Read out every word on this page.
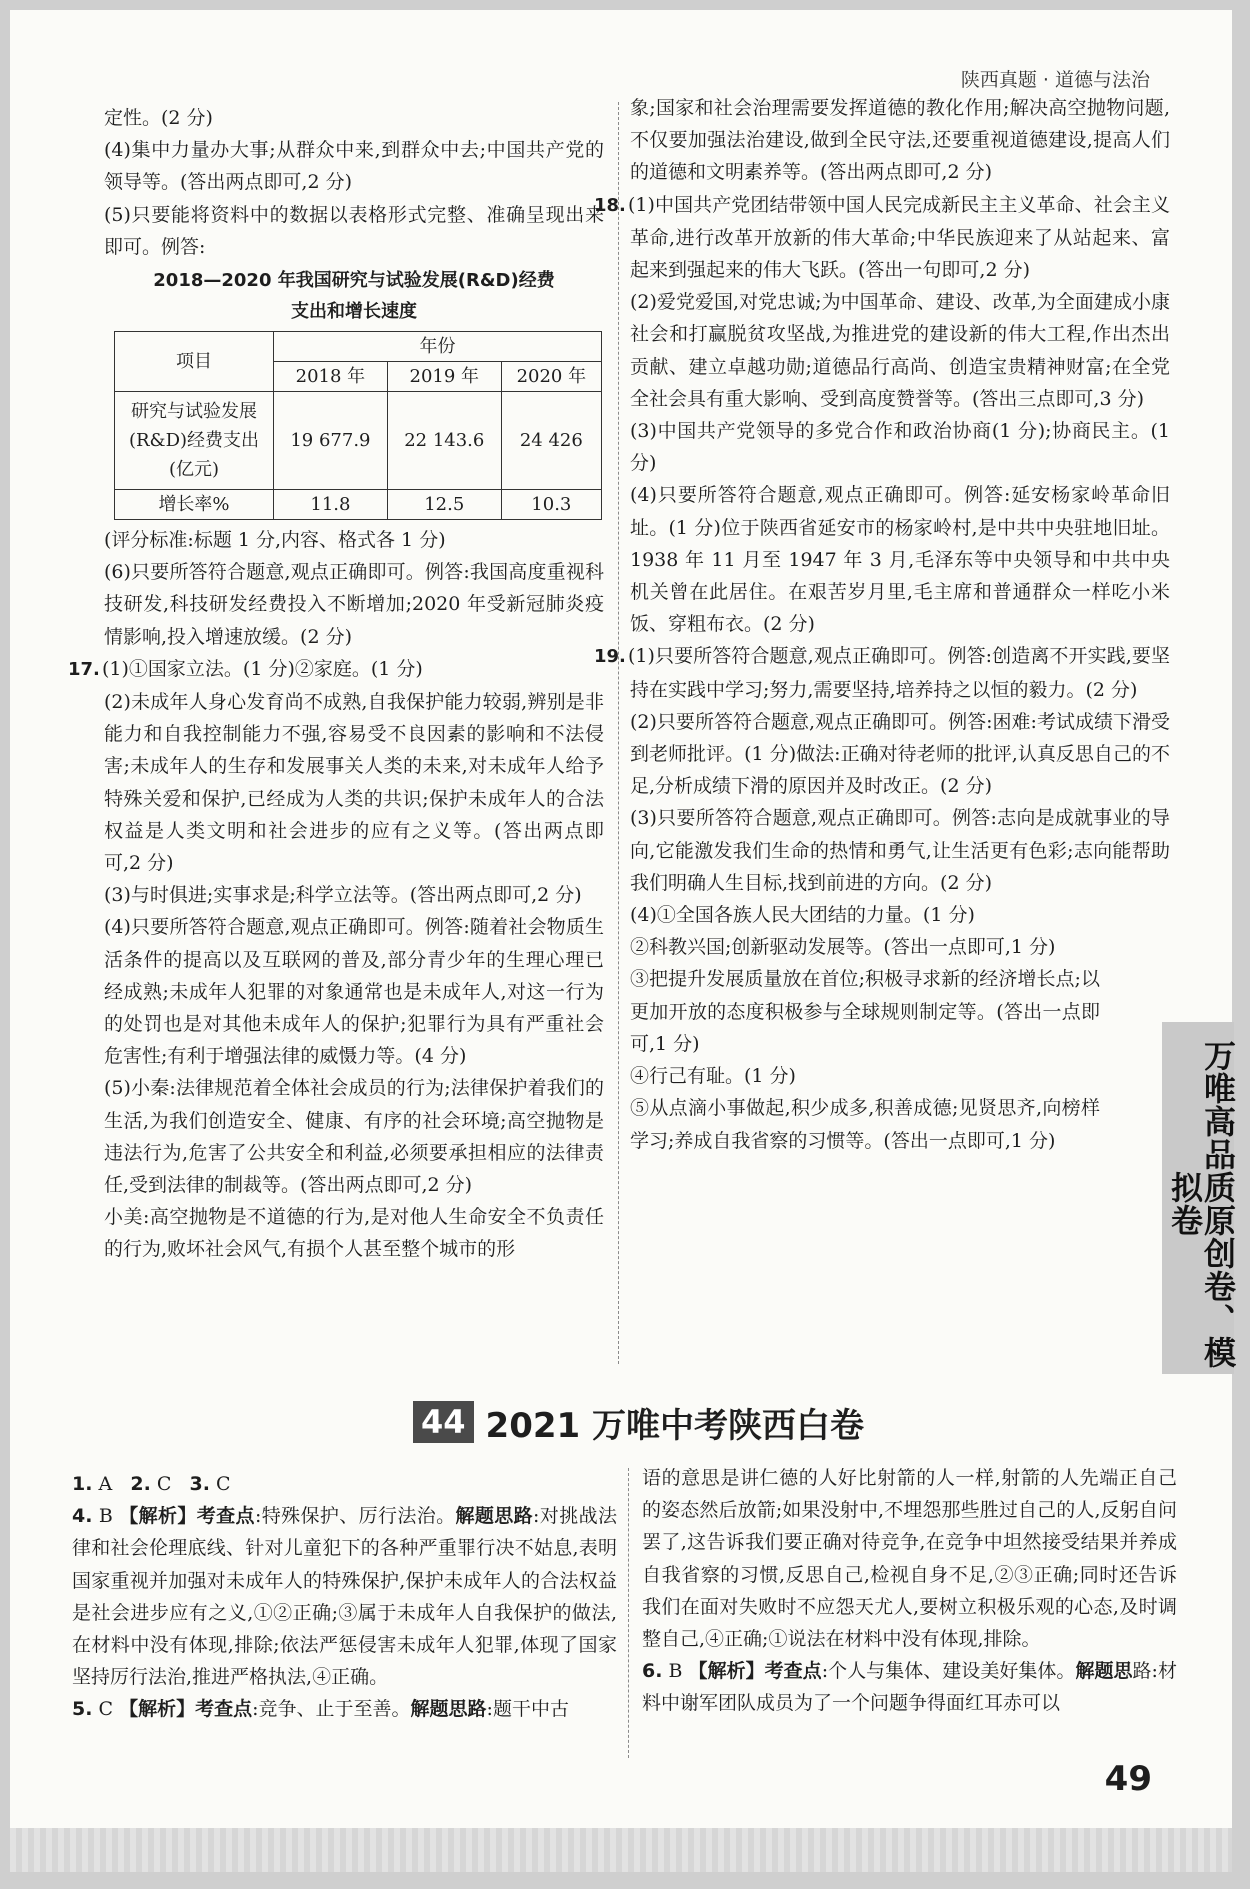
陕西真题 · 道德与法治

定性。(2 分)

(4)集中力量办大事;从群众中来,到群众中去;中国共产党的领导等。(答出两点即可,2 分)

(5)只要能将资料中的数据以表格形式完整、准确呈现出来即可。例答:

2018—2020 年我国研究与试验发展(R&D)经费
支出和增长速度
项目	年份		
	2018 年	2019 年	2020 年
研究与试验发展(R&D)经费支出(亿元)	19 677.9	22 143.6	24 426
增长率%	11.8	12.5	10.3

(评分标准:标题 1 分,内容、格式各 1 分)

(6)只要所答符合题意,观点正确即可。例答:我国高度重视科技研发,科技研发经费投入不断增加;2020 年受新冠肺炎疫情影响,投入增速放缓。(2 分)

17. (1)①国家立法。(1 分)②家庭。(1 分)

(2)未成年人身心发育尚不成熟,自我保护能力较弱,辨别是非能力和自我控制能力不强,容易受不良因素的影响和不法侵害;未成年人的生存和发展事关人类的未来,对未成年人给予特殊关爱和保护,已经成为人类的共识;保护未成年人的合法权益是人类文明和社会进步的应有之义等。(答出两点即可,2 分)

(3)与时俱进;实事求是;科学立法等。(答出两点即可,2 分)

(4)只要所答符合题意,观点正确即可。例答:随着社会物质生活条件的提高以及互联网的普及,部分青少年的生理心理已经成熟;未成年人犯罪的对象通常也是未成年人,对这一行为的处罚也是对其他未成年人的保护;犯罪行为具有严重社会危害性;有利于增强法律的威慑力等。(4 分)

(5)小秦:法律规范着全体社会成员的行为;法律保护着我们的生活,为我们创造安全、健康、有序的社会环境;高空抛物是违法行为,危害了公共安全和利益,必须要承担相应的法律责任,受到法律的制裁等。(答出两点即可,2 分)

小美:高空抛物是不道德的行为,是对他人生命安全不负责任的行为,败坏社会风气,有损个人甚至整个城市的形

象;国家和社会治理需要发挥道德的教化作用;解决高空抛物问题,不仅要加强法治建设,做到全民守法,还要重视道德建设,提高人们的道德和文明素养等。(答出两点即可,2 分)

18. (1)中国共产党团结带领中国人民完成新民主主义革命、社会主义革命,进行改革开放新的伟大革命;中华民族迎来了从站起来、富起来到强起来的伟大飞跃。(答出一句即可,2 分)

(2)爱党爱国,对党忠诚;为中国革命、建设、改革,为全面建成小康社会和打赢脱贫攻坚战,为推进党的建设新的伟大工程,作出杰出贡献、建立卓越功勋;道德品行高尚、创造宝贵精神财富;在全党全社会具有重大影响、受到高度赞誉等。(答出三点即可,3 分)

(3)中国共产党领导的多党合作和政治协商(1 分);协商民主。(1 分)

(4)只要所答符合题意,观点正确即可。例答:延安杨家岭革命旧址。(1 分)位于陕西省延安市的杨家岭村,是中共中央驻地旧址。1938 年 11 月至 1947 年 3 月,毛泽东等中央领导和中共中央机关曾在此居住。在艰苦岁月里,毛主席和普通群众一样吃小米饭、穿粗布衣。(2 分)

19. (1)只要所答符合题意,观点正确即可。例答:创造离不开实践,要坚持在实践中学习;努力,需要坚持,培养持之以恒的毅力。(2 分)

(2)只要所答符合题意,观点正确即可。例答:困难:考试成绩下滑受到老师批评。(1 分)做法:正确对待老师的批评,认真反思自己的不足,分析成绩下滑的原因并及时改正。(2 分)

(3)只要所答符合题意,观点正确即可。例答:志向是成就事业的导向,它能激发我们生命的热情和勇气,让生活更有色彩;志向能帮助我们明确人生目标,找到前进的方向。(2 分)

(4)①全国各族人民大团结的力量。(1 分)

②科教兴国;创新驱动发展等。(答出一点即可,1 分)

③把提升发展质量放在首位;积极寻求新的经济增长点;以更加开放的态度积极参与全球规则制定等。(答出一点即可,1 分)

④行己有耻。(1 分)

⑤从点滴小事做起,积少成多,积善成德;见贤思齐,向榜样学习;养成自我省察的习惯等。(答出一点即可,1 分)	万唯高品质原创卷、模拟卷
44 2021 万唯中考陕西白卷

1. A 2. C 3. C

4. B 【解析】考查点:特殊保护、厉行法治。解题思路:对挑战法律和社会伦理底线、针对儿童犯下的各种严重罪行决不姑息,表明国家重视并加强对未成年人的特殊保护,保护未成年人的合法权益是社会进步应有之义,①②正确;③属于未成年人自我保护的做法,在材料中没有体现,排除;依法严惩侵害未成年人犯罪,体现了国家坚持厉行法治,推进严格执法,④正确。

5. C 【解析】考查点:竞争、止于至善。解题思路:题干中古

语的意思是讲仁德的人好比射箭的人一样,射箭的人先端正自己的姿态然后放箭;如果没射中,不埋怨那些胜过自己的人,反躬自问罢了,这告诉我们要正确对待竞争,在竞争中坦然接受结果并养成自我省察的习惯,反思自己,检视自身不足,②③正确;同时还告诉我们在面对失败时不应怨天尤人,要树立积极乐观的心态,及时调整自己,④正确;①说法在材料中没有体现,排除。

6. B 【解析】考查点:个人与集体、建设美好集体。解题思路:材料中谢军团队成员为了一个问题争得面红耳赤可以

49
